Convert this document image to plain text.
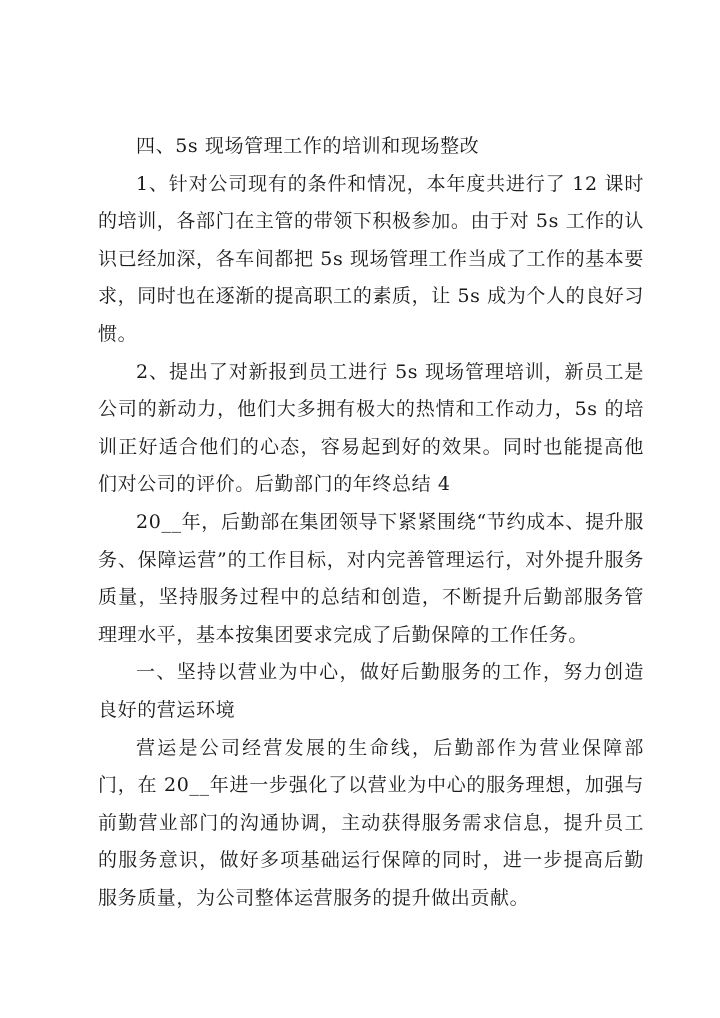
四、5s 现场管理工作的培训和现场整改

1、针对公司现有的条件和情况，本年度共进行了 12 课时的培训，各部门在主管的带领下积极参加。由于对 5s 工作的认识已经加深，各车间都把 5s 现场管理工作当成了工作的基本要求，同时也在逐渐的提高职工的素质，让 5s 成为个人的良好习惯。

2、提出了对新报到员工进行 5s 现场管理培训，新员工是公司的新动力，他们大多拥有极大的热情和工作动力，5s 的培训正好适合他们的心态，容易起到好的效果。同时也能提高他们对公司的评价。后勤部门的年终总结 4

20__年，后勤部在集团领导下紧紧围绕“节约成本、提升服务、保障运营”的工作目标，对内完善管理运行，对外提升服务质量，坚持服务过程中的总结和创造，不断提升后勤部服务管理理水平，基本按集团要求完成了后勤保障的工作任务。

一、坚持以营业为中心，做好后勤服务的工作，努力创造良好的营运环境

营运是公司经营发展的生命线，后勤部作为营业保障部门，在 20__年进一步强化了以营业为中心的服务理想，加强与前勤营业部门的沟通协调，主动获得服务需求信息，提升员工的服务意识，做好多项基础运行保障的同时，进一步提高后勤服务质量，为公司整体运营服务的提升做出贡献。
